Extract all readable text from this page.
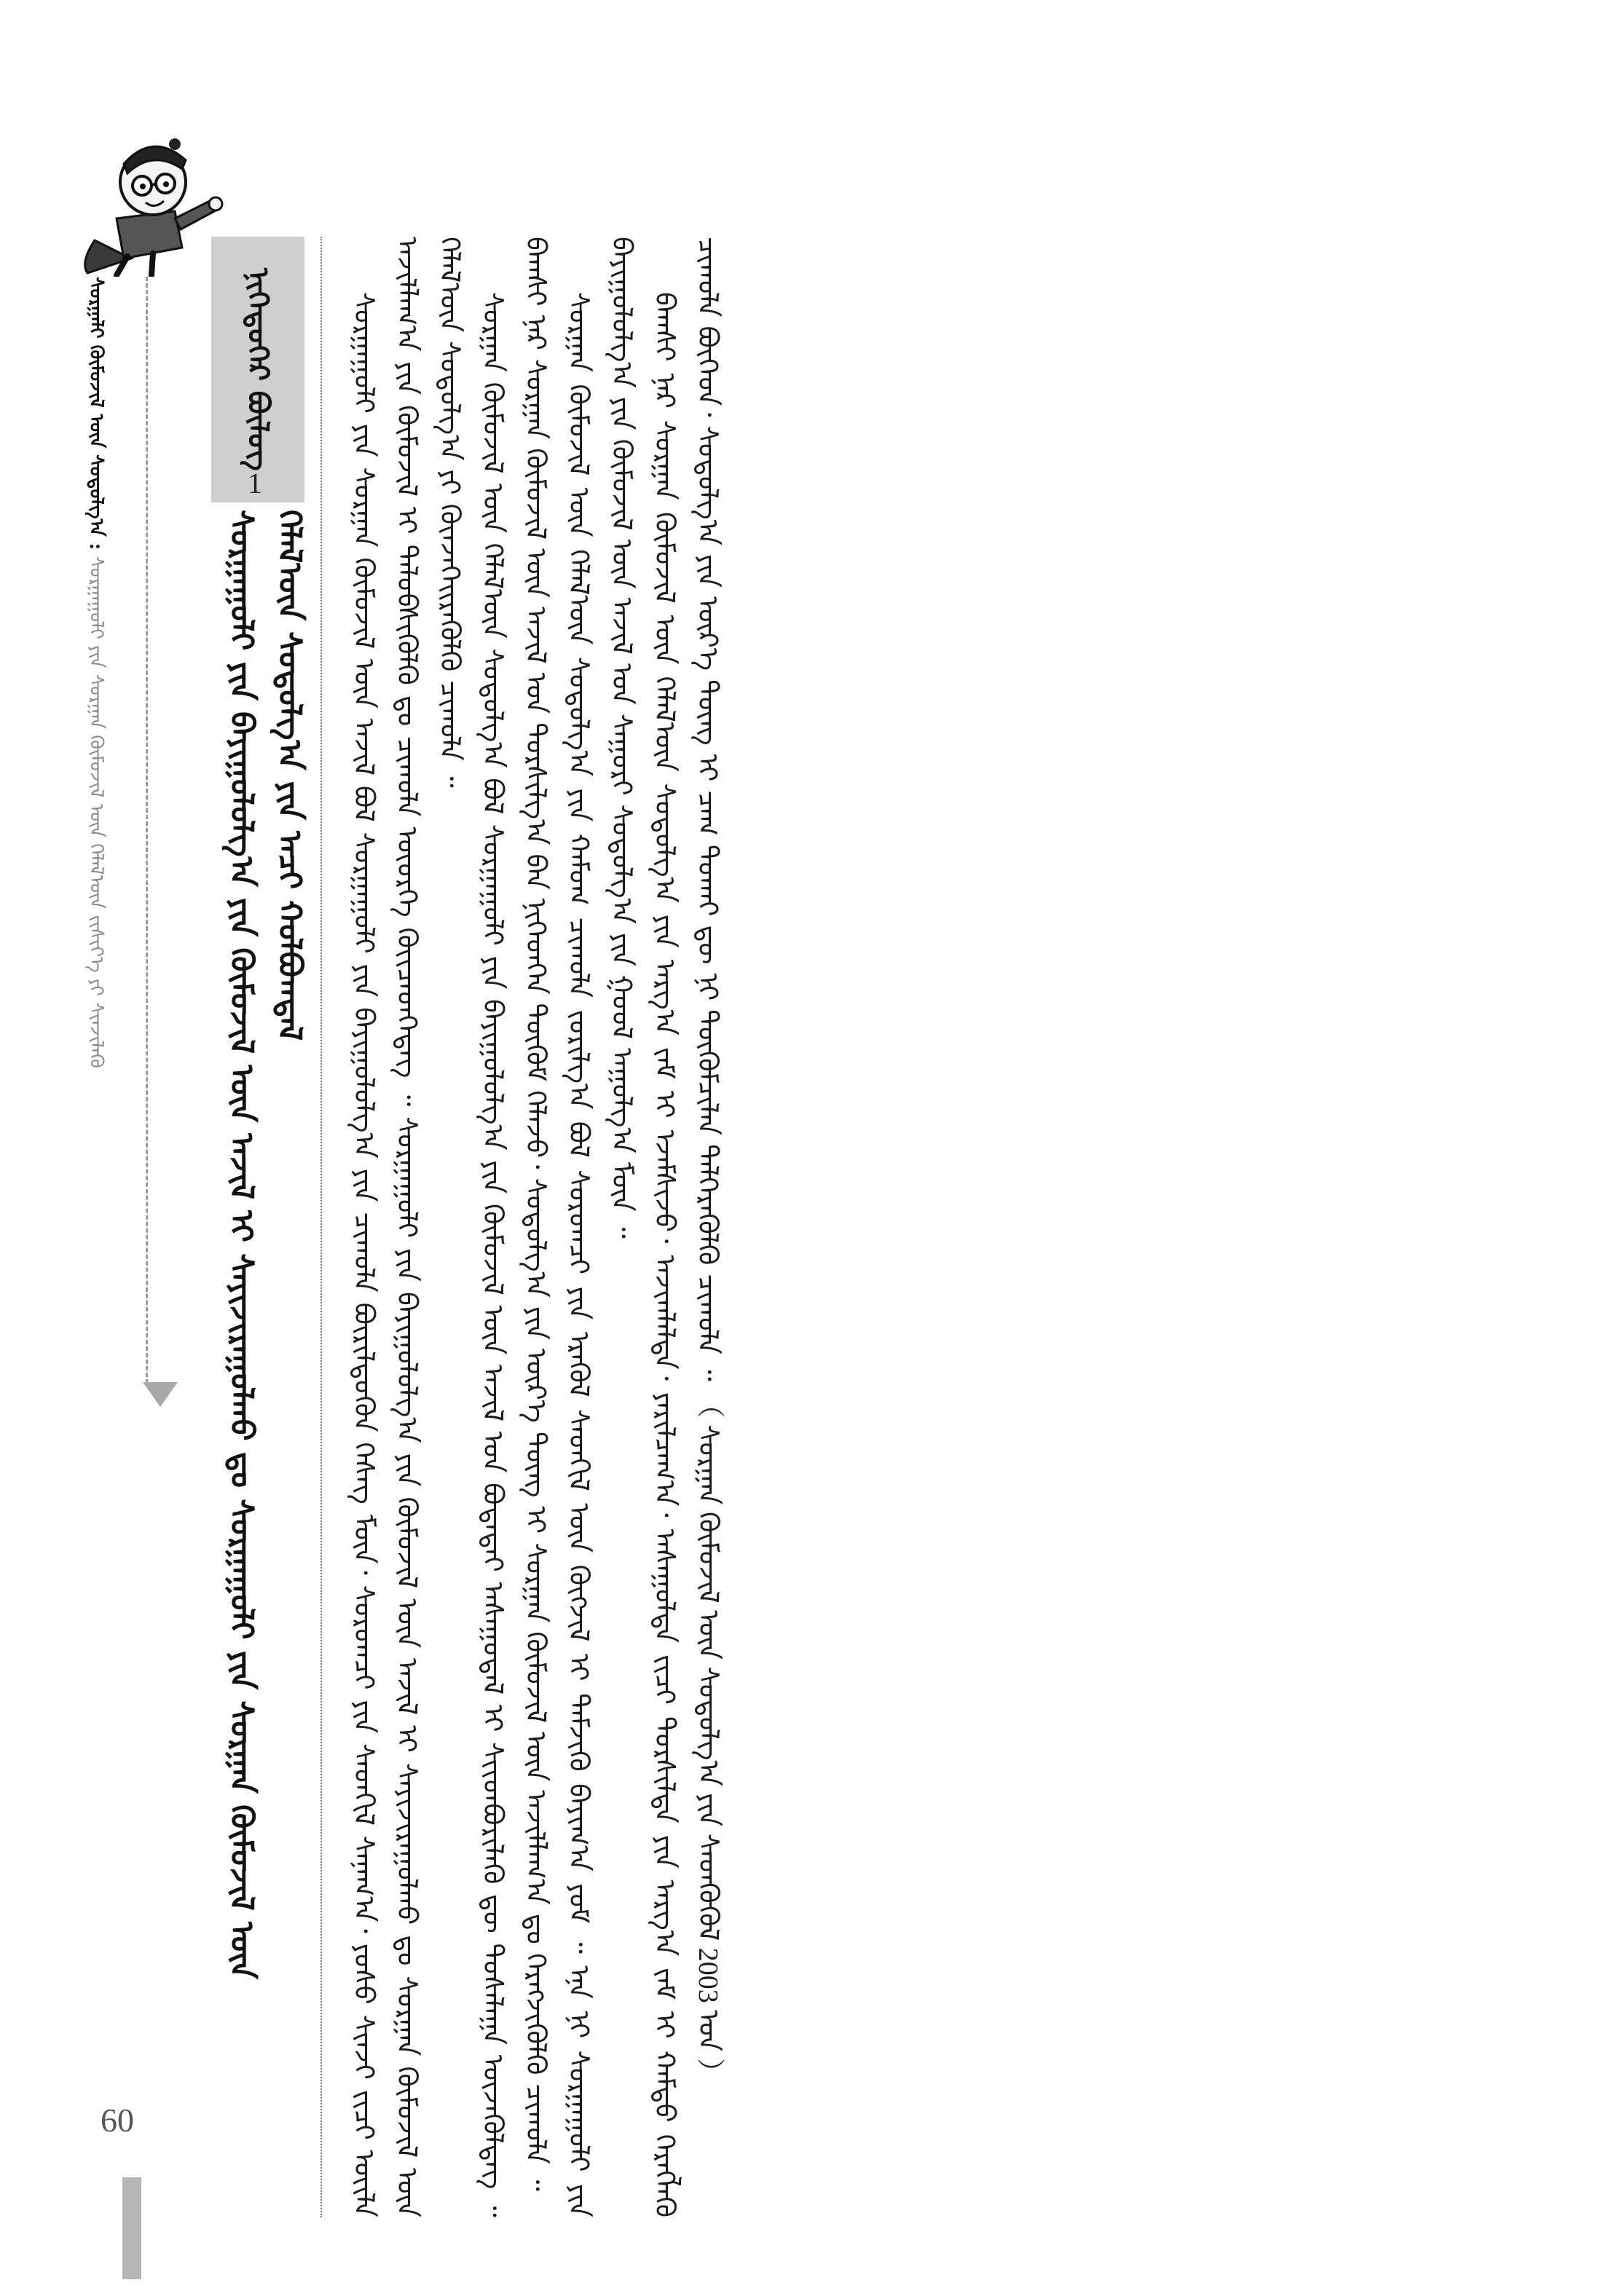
ᠰᠤᠷᠭᠠᠯᠢ ᠬᠦᠮᠦᠵᠢᠯ ᠦᠨ ᠰᠤᠳᠤᠯᠭ᠎ᠠ : ᠰᠤᠷᠭᠠᠭᠤᠯᠢ ᠶᠢᠨ ᠰᠤᠷᠭᠠᠨ ᠬᠦᠮᠦᠵᠢᠯ ᠦᠨ ᠬᠡᠯᠡᠯ᠎ᠦᠨ ᠵᠢᠱᠢᠶ᠎ᠡ ᠶᠢ ᠰᠢᠨᠵᠢᠯᠡᠬᠦ
ᠨᠢᠭᠡᠳᠦᠭᠡᠷ ᠪᠦᠯᠦᠭ
1
ᠰᠤᠷᠭᠠᠭᠤᠯᠢ ᠶᠢᠨ ᠪᠠᠶᠢᠭᠤᠯᠤᠯᠭ᠎ᠠ ᠶᠢᠨ ᠬᠦᠮᠦᠵᠢᠯ ᠦᠨ ᠠᠵᠢᠯ ᠢ ᠰᠠᠶᠢᠵᠢᠷᠠᠭᠤᠯᠬᠤ ᠳᠤ ᠰᠤᠷᠭᠠᠭᠤᠯᠢ ᠶᠢᠨ ᠰᠤᠷᠭᠠᠨ ᠬᠦᠮᠦᠵᠢᠯ ᠦᠨ ᠬᠡᠯᠡᠯ᠎ᠦᠨ ᠰᠤᠳᠤᠯᠭ᠎ᠠ ᠶᠢᠨ ᠠᠴᠢ ᠬᠣᠯᠪᠣᠭᠳᠠᠯ	ᠰᠤᠷᠭᠠᠭᠤᠯᠢ ᠶᠢᠨ ᠰᠤᠷᠭᠠᠨ ᠬᠦᠮᠦᠵᠢᠯ ᠦᠨ ᠠᠵᠢᠯ ᠪᠣᠯ ᠰᠤᠷᠭᠠᠭᠤᠯᠢ ᠶᠢᠨ ᠪᠠᠶᠢᠭᠤᠯᠤᠯᠭ᠎ᠠ ᠶᠢᠨ ᠴᠢᠬᠤᠯᠠ ᠪᠦᠷᠢᠯᠳᠦᠬᠦᠨ ᠬᠡᠰᠡᠭ ᠮᠥᠨ᠂ ᠰᠤᠷᠤᠭᠴᠢ ᠶᠢᠨ ᠰᠡᠳᠬᠢᠯ ᠰᠠᠨᠠᠭ᠎ᠠ᠂ ᠶᠣᠰᠣ ᠰᠢᠨᠵᠢ ᠵᠢᠴᠢ ᠦᠢᠯᠡ ᠠᠵᠢᠯᠯᠠᠭ᠎ᠠ ᠶᠢᠨ ᠬᠦᠮᠦᠵᠢᠯ ᠢ ᠲᠡᠯᠦᠪᠰᠢᠭᠦᠯᠬᠦ ᠳᠤ ᠴᠢᠬᠤᠯᠠ ᠦᠦᠷᠭᠡ ᠭᠦᠢᠴᠡᠳᠭᠡᠳᠡᠭ ᠃ ᠰᠤᠷᠭᠠᠭᠤᠯᠢ ᠶᠢᠨ ᠪᠠᠶᠢᠭᠤᠯᠤᠯᠭ᠎ᠠ ᠶᠢᠨ ᠬᠦᠮᠦᠵᠢᠯ ᠦᠨ ᠠᠵᠢᠯ ᠢ ᠰᠠᠶᠢᠵᠢᠷᠠᠭᠤᠯᠬᠤ ᠳᠤ ᠰᠤᠷᠭᠠᠨ ᠬᠦᠮᠦᠵᠢᠯ ᠦᠨ ᠬᠡᠯᠡᠯ᠎ᠦᠨ ᠰᠤᠳᠤᠯᠭ᠎ᠠ ᠶᠢ ᠭᠦᠨᠵᠡᠭᠡᠢᠷᠡᠭᠦᠯᠬᠦ ᠴᠢᠬᠤᠯᠠ ᠃ ᠰᠤᠷᠭᠠᠨ ᠬᠦᠮᠦᠵᠢᠯ ᠦᠨ ᠬᠡᠯᠡᠯ᠎ᠦᠨ ᠰᠤᠳᠤᠯᠭ᠎ᠠ ᠪᠣᠯ ᠰᠤᠷᠭᠠᠭᠤᠯᠢ ᠶᠢᠨ ᠪᠠᠶᠢᠭᠤᠯᠤᠯᠭ᠎ᠠ ᠶᠢᠨ ᠬᠦᠮᠦᠵᠢᠯ ᠦᠨ ᠠᠵᠢᠯ ᠤᠨ ᠪᠣᠳᠠᠳᠠᠢ ᠠᠰᠠᠭᠤᠳᠠᠯ ᠢ ᠰᠢᠢᠳᠪᠦᠷᠢᠯᠡᠬᠦ ᠳᠦ ᠲᠤᠰᠠᠯᠠᠭᠠ ᠦᠵᠡᠭᠦᠯᠳᠡᠭ ᠃ ᠪᠠᠭᠰᠢ ᠨᠠᠷ ᠰᠤᠷᠭᠠᠨ ᠬᠦᠮᠦᠵᠢᠯ ᠦᠨ ᠠᠵᠢᠯ ᠤᠨ ᠲᠤᠷᠰᠢᠯᠭ᠎ᠠ ᠪᠠᠨ ᠨᠢᠭᠡᠳᠬᠡᠨ ᠳᠦᠭᠦᠮ ᠬᠡᠯᠡᠵᠦ᠂ ᠰᠤᠳᠤᠯᠭ᠎ᠠ ᠶᠢᠨ ᠦᠷ᠎ᠡ ᠳᠦᠩ ᠢ ᠰᠤᠷᠭᠠᠨ ᠬᠦᠮᠦᠵᠢᠯ ᠦᠨ ᠠᠵᠢᠯᠯᠠᠭ᠎ᠠ ᠳᠤ ᠬᠡᠷᠡᠭᠵᠢᠭᠦᠯᠬᠦ ᠴᠢᠬᠤᠯᠠ ᠃ ᠰᠤᠷᠭᠠᠨ ᠬᠦᠮᠦᠵᠢᠯ ᠦᠨ ᠬᠡᠯᠡᠯ᠎ᠦᠨ ᠰᠤᠳᠤᠯᠭ᠎ᠠ ᠶᠢᠨ ᠬᠠᠮᠤᠭ ᠴᠢᠬᠤᠯᠠ ᠵᠣᠷᠢᠯᠭ᠎ᠠ ᠪᠣᠯ ᠰᠤᠷᠤᠭᠴᠢ ᠶᠢᠨ ᠡᠷᠡᠭᠦᠯ ᠰᠡᠳᠬᠢᠯ ᠦᠨ ᠬᠥᠭᠵᠢᠯ ᠢ ᠳᠡᠮᠵᠢᠬᠦ ᠪᠠᠶᠢᠭ᠎ᠠ ᠶᠤᠮ ᠃ ᠡᠨᠡ ᠨᠢ ᠰᠤᠷᠭᠠᠭᠤᠯᠢ ᠶᠢᠨ ᠪᠠᠶᠢᠭᠤᠯᠤᠯᠭ᠎ᠠ ᠶᠢᠨ ᠬᠦᠮᠦᠵᠢᠯ ᠦᠨ ᠠᠵᠢᠯ ᠤᠨ ᠰᠠᠭᠤᠷᠢ ᠰᠤᠳᠤᠯᠭ᠎ᠠ ᠶᠢᠨ ᠭᠣᠣᠯ ᠠᠭᠤᠯᠭ᠎ᠠ ᠮᠥᠨ ᠃ ᠪᠠᠭᠰᠢ ᠨᠠᠷ ᠰᠤᠷᠭᠠᠨ ᠬᠦᠮᠦᠵᠢᠯ ᠦᠨ ᠬᠡᠯᠡᠯ᠎ᠦᠨ ᠰᠤᠳᠤᠯᠭ᠎ᠠ ᠶᠢᠨ ᠠᠷᠭ᠎ᠠ ᠵᠠᠮ ᠢ ᠡᠵᠡᠮᠰᠢᠵᠦ᠂ ᠠᠵᠢᠭᠯᠠᠯᠲᠠ᠂ ᠶᠠᠷᠢᠯᠴᠠᠭ᠎ᠠ᠂ ᠠᠰᠠᠭᠤᠯᠲᠠ ᠵᠢᠴᠢ ᠳᠤᠷᠰᠢᠯᠲᠠ ᠶᠢᠨ ᠠᠷᠭ᠎ᠠ ᠵᠠᠮ ᠢ ᠬᠠᠮᠲᠤ ᠬᠡᠷᠡᠭᠯᠡᠬᠦ ᠴᠢᠬᠤᠯᠠ ᠪᠥᠭᠡᠳ᠂ ᠰᠤᠳᠤᠯᠭ᠎ᠠ ᠶᠢᠨ ᠦᠷ᠎ᠡ ᠳᠦᠩ ᠢ ᠴᠠᠭ ᠲᠤᠬᠠᠢ ᠳᠦ ᠨᠢ ᠳᠦᠭᠦᠮᠴᠢᠯᠡᠨ ᠳᠡᠯᠭᠡᠷᠡᠭᠦᠯᠬᠦ ᠴᠢᠬᠤᠯᠠ ᠃ （ ᠰᠤᠷᠭᠠᠨ ᠬᠦᠮᠦᠵᠢᠯ ᠦᠨ ᠰᠤᠳᠤᠯᠭ᠎ᠠ ᠶᠢᠨ ᠰᠡᠳᠬᠦᠭᠦᠯ 2003 ᠣᠨ ）

60
